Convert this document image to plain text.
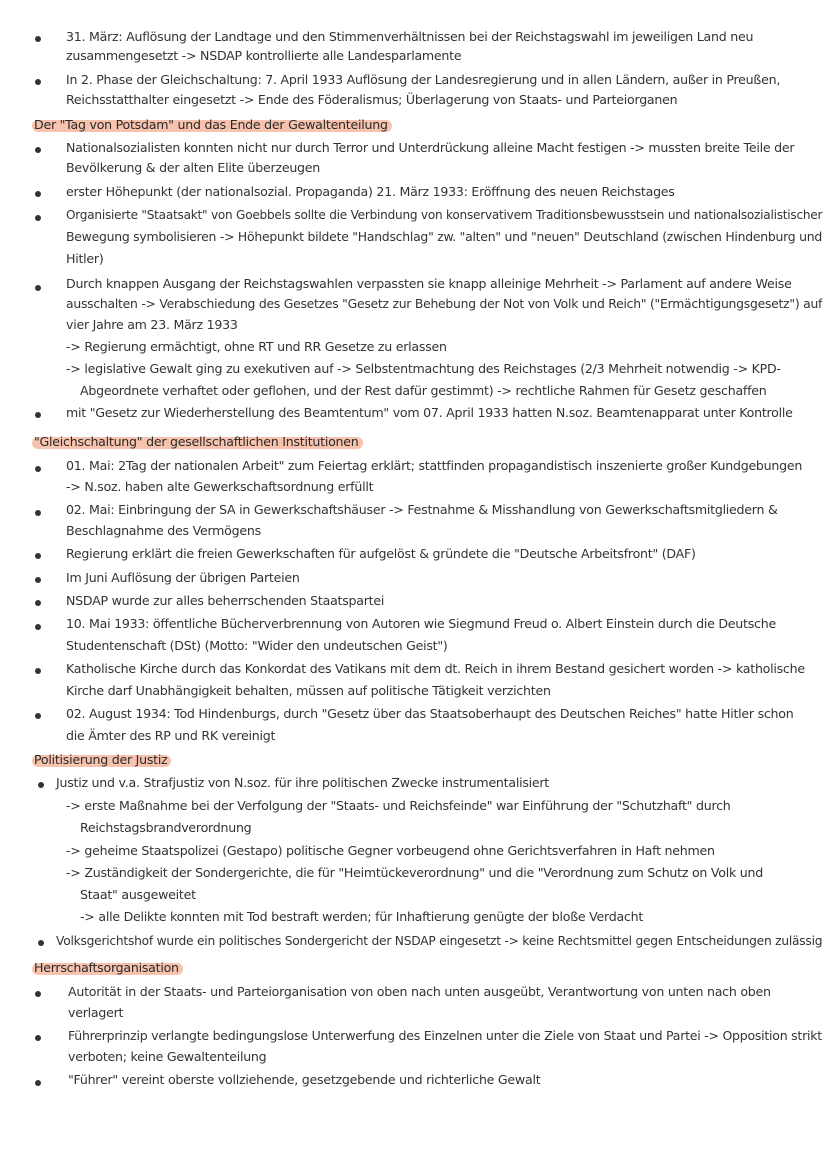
31. März: Auflösung der Landtage und den Stimmenverhältnissen bei der Reichstagswahl im jeweiligen Land neu
zusammengesetzt -> NSDAP kontrollierte alle Landesparlamente
In 2. Phase der Gleichschaltung: 7. April 1933 Auflösung der Landesregierung und in allen Ländern, außer in Preußen,
Reichsstatthalter eingesetzt -> Ende des Föderalismus; Überlagerung von Staats- und Parteiorganen
Der "Tag von Potsdam" und das Ende der Gewaltenteilung
Nationalsozialisten konnten nicht nur durch Terror und Unterdrückung alleine Macht festigen -> mussten breite Teile der
Bevölkerung & der alten Elite überzeugen
erster Höhepunkt (der nationalsozial. Propaganda) 21. März 1933: Eröffnung des neuen Reichstages
Organisierte "Staatsakt" von Goebbels sollte die Verbindung von konservativem Traditionsbewusstsein und nationalsozialistischer
Bewegung symbolisieren -> Höhepunkt bildete "Handschlag" zw. "alten" und "neuen" Deutschland (zwischen Hindenburg und
Hitler)
Durch knappen Ausgang der Reichstagswahlen verpassten sie knapp alleinige Mehrheit -> Parlament auf andere Weise
ausschalten -> Verabschiedung des Gesetzes "Gesetz zur Behebung der Not von Volk und Reich" ("Ermächtigungsgesetz") auf
vier Jahre am 23. März 1933
-> Regierung ermächtigt, ohne RT und RR Gesetze zu erlassen
-> legislative Gewalt ging zu exekutiven auf -> Selbstentmachtung des Reichstages (2/3 Mehrheit notwendig -> KPD-
Abgeordnete verhaftet oder geflohen, und der Rest dafür gestimmt) -> rechtliche Rahmen für Gesetz geschaffen
mit "Gesetz zur Wiederherstellung des Beamtentum" vom 07. April 1933 hatten N.soz. Beamtenapparat unter Kontrolle
"Gleichschaltung" der gesellschaftlichen Institutionen
01. Mai: 2Tag der nationalen Arbeit" zum Feiertag erklärt; stattfinden propagandistisch inszenierte großer Kundgebungen
-> N.soz. haben alte Gewerkschaftsordnung erfüllt
02. Mai: Einbringung der SA in Gewerkschaftshäuser -> Festnahme & Misshandlung von Gewerkschaftsmitgliedern &
Beschlagnahme des Vermögens
Regierung erklärt die freien Gewerkschaften für aufgelöst & gründete die "Deutsche Arbeitsfront" (DAF)
Im Juni Auflösung der übrigen Parteien
NSDAP wurde zur alles beherrschenden Staatspartei
10. Mai 1933: öffentliche Bücherverbrennung von Autoren wie Siegmund Freud o. Albert Einstein durch die Deutsche
Studentenschaft (DSt) (Motto: "Wider den undeutschen Geist")
Katholische Kirche durch das Konkordat des Vatikans mit dem dt. Reich in ihrem Bestand gesichert worden -> katholische
Kirche darf Unabhängigkeit behalten, müssen auf politische Tätigkeit verzichten
02. August 1934: Tod Hindenburgs, durch "Gesetz über das Staatsoberhaupt des Deutschen Reiches" hatte Hitler schon
die Ämter des RP und RK vereinigt
Politisierung der Justiz
Justiz und v.a. Strafjustiz von N.soz. für ihre politischen Zwecke instrumentalisiert
-> erste Maßnahme bei der Verfolgung der "Staats- und Reichsfeinde" war Einführung der "Schutzhaft" durch
Reichstagsbrandverordnung
-> geheime Staatspolizei (Gestapo) politische Gegner vorbeugend ohne Gerichtsverfahren in Haft nehmen
-> Zuständigkeit der Sondergerichte, die für "Heimtückeverordnung" und die "Verordnung zum Schutz on Volk und
Staat" ausgeweitet
-> alle Delikte konnten mit Tod bestraft werden; für Inhaftierung genügte der bloße Verdacht
Volksgerichtshof wurde ein politisches Sondergericht der NSDAP eingesetzt -> keine Rechtsmittel gegen Entscheidungen zulässig
Herrschaftsorganisation
Autorität in der Staats- und Parteiorganisation von oben nach unten ausgeübt, Verantwortung von unten nach oben
verlagert
Führerprinzip verlangte bedingungslose Unterwerfung des Einzelnen unter die Ziele von Staat und Partei -> Opposition strikt
verboten; keine Gewaltenteilung
"Führer" vereint oberste vollziehende, gesetzgebende und richterliche Gewalt
